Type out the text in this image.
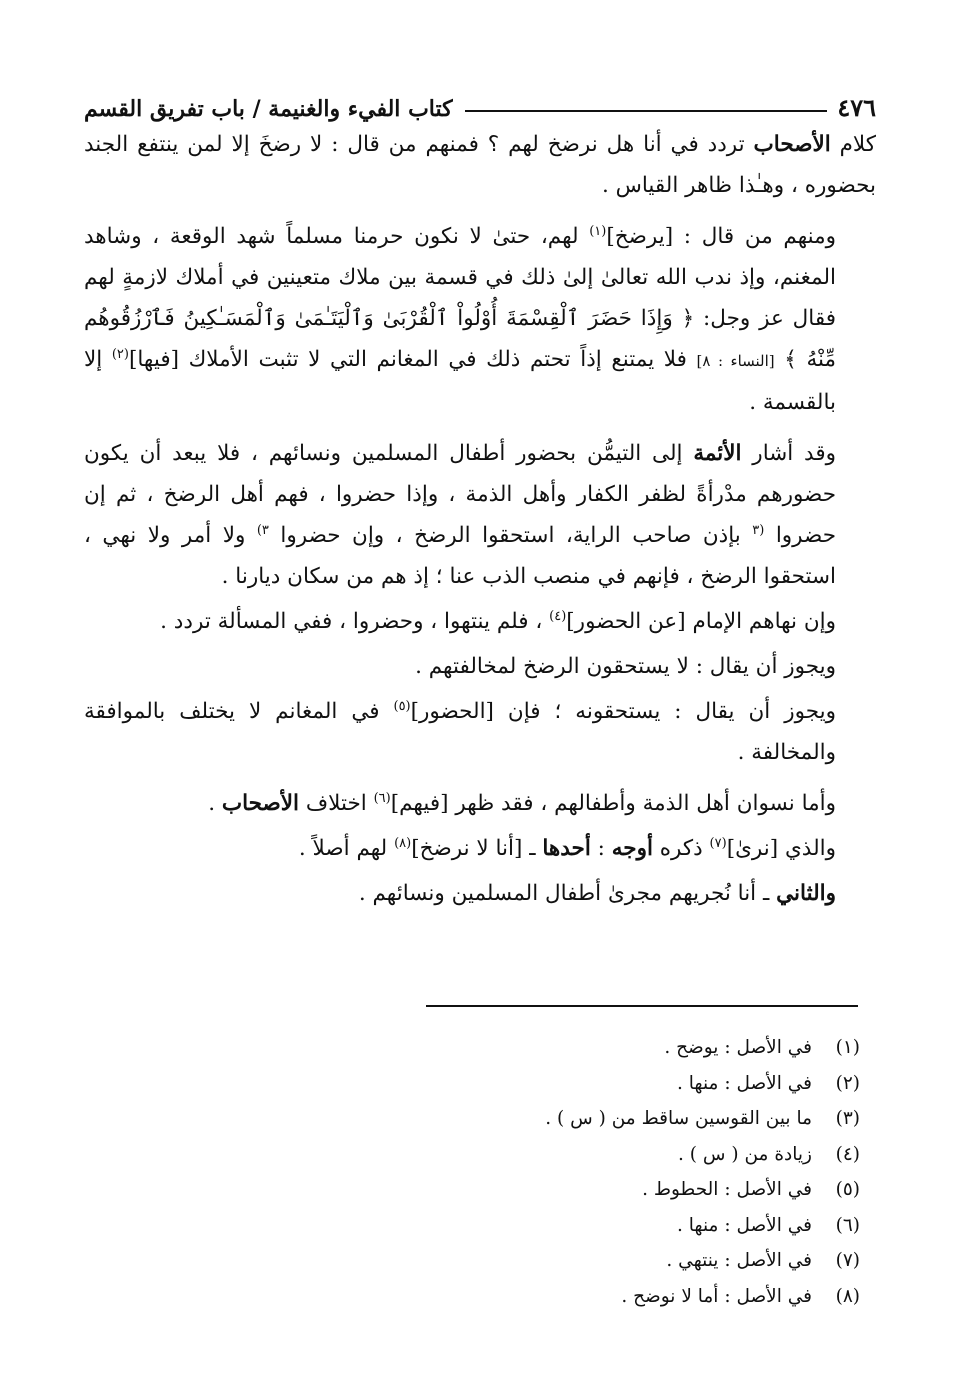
٤٧٦
كتاب الفيء والغنيمة / باب تفريق القسم

كلام الأصحاب تردد في أنا هل نرضخ لهم ؟ فمنهم من قال : لا رضخَ إلا لمن ينتفع الجند بحضوره ، وهـٰذا ظاهر القياس .

ومنهم من قال : [يرضخ]$^{(١)}$ لهم، حتىٰ لا نكون حرمنا مسلماً شهد الوقعة ، وشاهد المغنم، وإذ ندب الله تعالىٰ إلىٰ ذلك في قسمة بين ملاك متعينين في أملاك لازمةٍ لهم فقال عز وجل: ﴿ وَإِذَا حَضَرَ ٱلْقِسْمَةَ أُوْلُواْ ٱلْقُرْبَىٰ وَٱلْيَتَـٰمَىٰ وَٱلْمَسَـٰكِينُ فَٱرْزُقُوهُم مِّنْهُ ﴾ [النساء : ٨] فلا يمتنع إذاً تحتم ذلك في المغانم التي لا تثبت الأملاك [فيها]$^{(٢)}$ إلا بالقسمة .

وقد أشار الأئمة إلى التيمُّن بحضور أطفال المسلمين ونسائهم ، فلا يبعد أن يكون حضورهم مدْرأةً لظفر الكفار وأهل الذمة ، وإذا حضروا ، فهم أهل الرضخ ، ثم إن حضروا $^{(٣}$ بإذن صاحب الراية، استحقوا الرضخ ، وإن حضروا $^{٣)}$ ولا أمر ولا نهي ، استحقوا الرضخ ، فإنهم في منصب الذب عنا ؛ إذ هم من سكان ديارنا .

وإن نهاهم الإمام [عن الحضور]$^{(٤)}$ ، فلم ينتهوا ، وحضروا ، ففي المسألة تردد .

ويجوز أن يقال : لا يستحقون الرضخ لمخالفتهم .

ويجوز أن يقال : يستحقونه ؛ فإن [الحضور]$^{(٥)}$ في المغانم لا يختلف بالموافقة والمخالفة .

وأما نسوان أهل الذمة وأطفالهم ، فقد ظهر [فيهم]$^{(٦)}$ اختلاف الأصحاب .

والذي [نرىٰ]$^{(٧)}$ ذكره أوجه : أحدها ـ [أنا لا نرضخ]$^{(٨)}$ لهم أصلاً .

والثاني ـ أنا نُجريهم مجرىٰ أطفال المسلمين ونسائهم .

(١)
في الأصل : يوضح .
(٢)
في الأصل : منها .
(٣)
ما بين القوسين ساقط من ( س ) .
(٤)
زيادة من ( س ) .
(٥)
في الأصل : الحطوط .
(٦)
في الأصل : منها .
(٧)
في الأصل : ينتهي .
(٨)
في الأصل : أما لا نوضح .
